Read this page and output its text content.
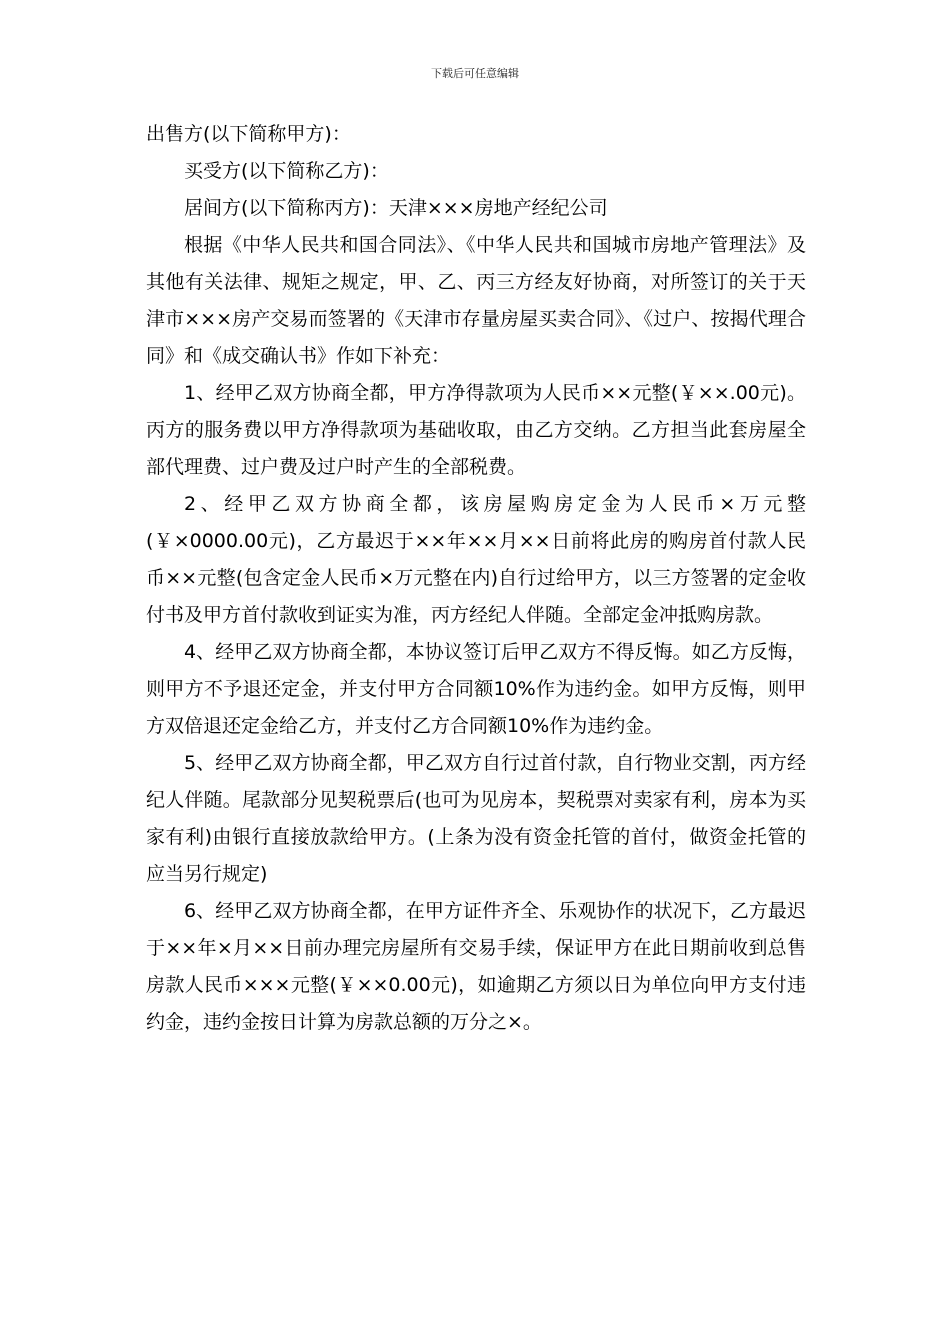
下载后可任意编辑

出售方(以下简称甲方)：

买受方(以下简称乙方)：

居间方(以下简称丙方)：天津×××房地产经纪公司

根据《中华人民共和国合同法》、《中华人民共和国城市房地产管理法》及其他有关法律、规矩之规定，甲、乙、丙三方经友好协商，对所签订的关于天津市×××房产交易而签署的《天津市存量房屋买卖合同》、《过户、按揭代理合同》和《成交确认书》作如下补充：

1、经甲乙双方协商全都，甲方净得款项为人民币××元整(￥××.00元)。丙方的服务费以甲方净得款项为基础收取，由乙方交纳。乙方担当此套房屋全部代理费、过户费及过户时产生的全部税费。

2、经甲乙双方协商全都，该房屋购房定金为人民币×万元整(￥×0000.00元)，乙方最迟于××年××月××日前将此房的购房首付款人民币××元整(包含定金人民币×万元整在内)自行过给甲方，以三方签署的定金收付书及甲方首付款收到证实为准，丙方经纪人伴随。全部定金冲抵购房款。

4、经甲乙双方协商全都，本协议签订后甲乙双方不得反悔。如乙方反悔，则甲方不予退还定金，并支付甲方合同额10%作为违约金。如甲方反悔，则甲方双倍退还定金给乙方，并支付乙方合同额10%作为违约金。

5、经甲乙双方协商全都，甲乙双方自行过首付款，自行物业交割，丙方经纪人伴随。尾款部分见契税票后(也可为见房本，契税票对卖家有利，房本为买家有利)由银行直接放款给甲方。(上条为没有资金托管的首付，做资金托管的应当另行规定)

6、经甲乙双方协商全都，在甲方证件齐全、乐观协作的状况下，乙方最迟于××年×月××日前办理完房屋所有交易手续，保证甲方在此日期前收到总售房款人民币×××元整(￥××0.00元)，如逾期乙方须以日为单位向甲方支付违约金，违约金按日计算为房款总额的万分之×。
